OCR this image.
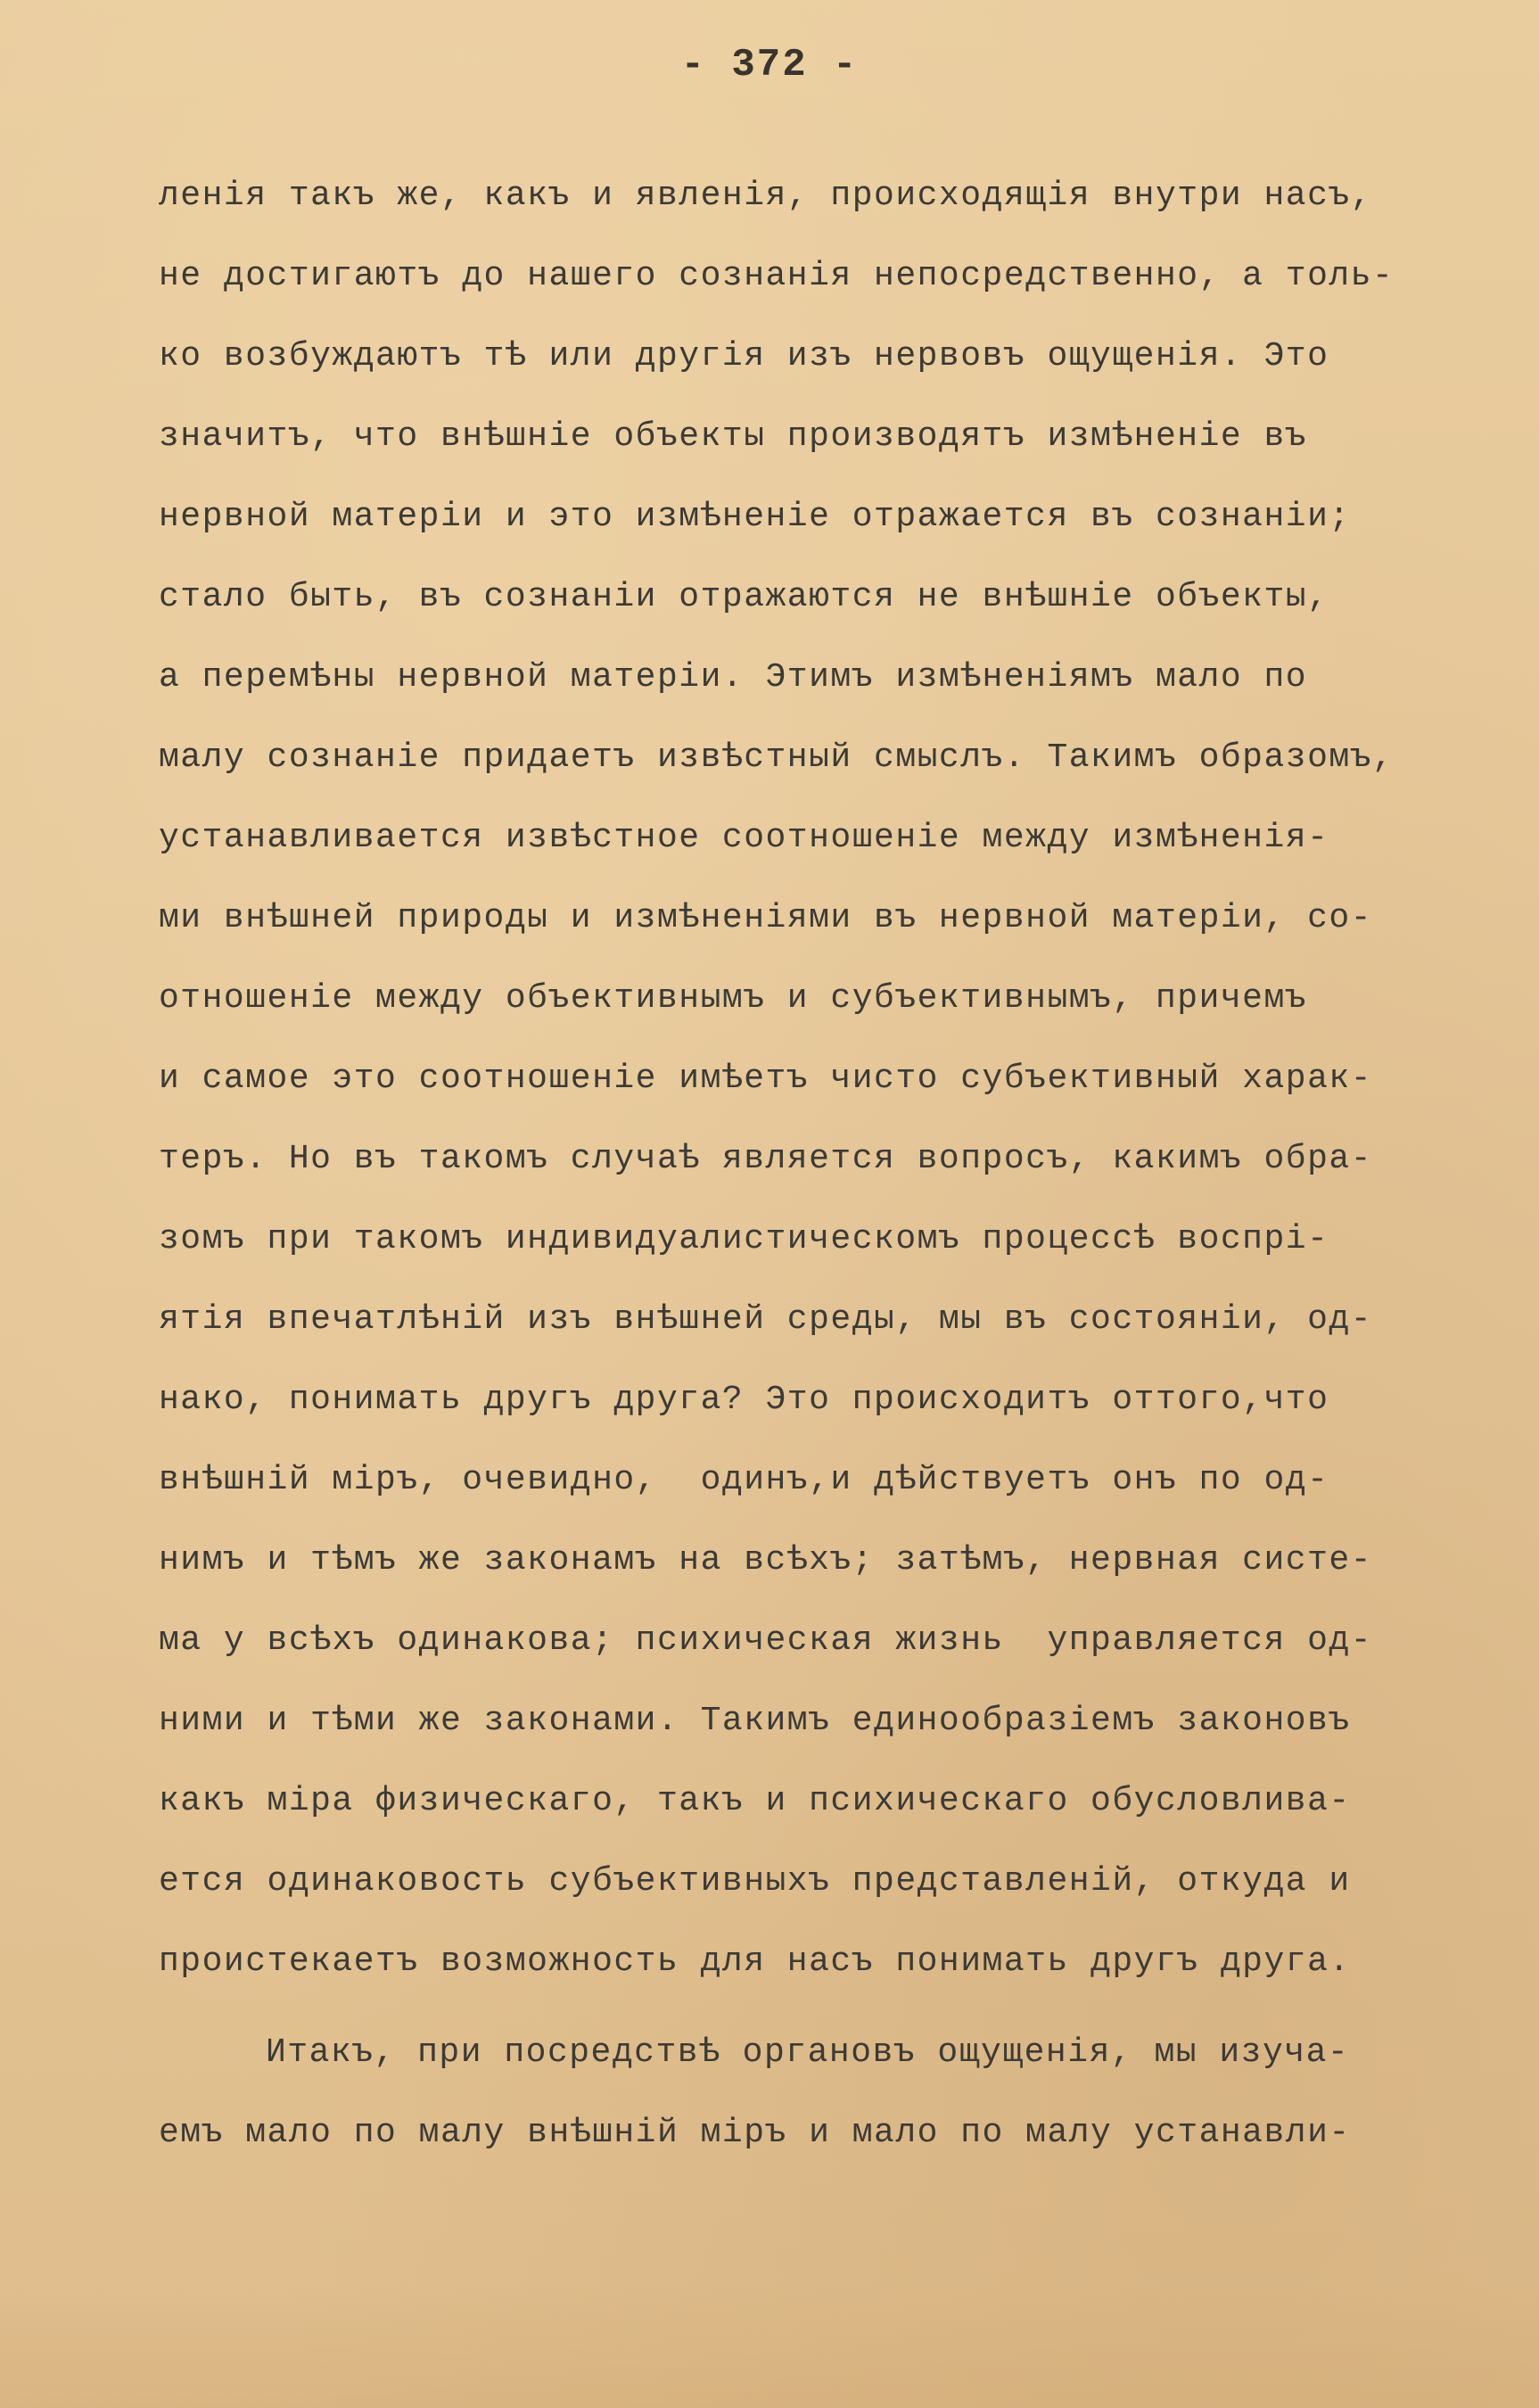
- 372 -
ленія такъ же, какъ и явленія, происходящія внутри насъ,
не достигаютъ до нашего сознанія непосредственно, а толь-
ко возбуждаютъ тѣ или другія изъ нервовъ ощущенія. Это
значитъ, что внѣшніе объекты производятъ измѣненіе въ
нервной матеріи и это измѣненіе отражается въ сознаніи;
стало быть, въ сознаніи отражаются не внѣшніе объекты,
а перемѣны нервной матеріи. Этимъ измѣненіямъ мало по
малу сознаніе придаетъ извѣстный смыслъ. Такимъ образомъ,
устанавливается извѣстное соотношеніе между измѣненія-
ми внѣшней природы и измѣненіями въ нервной матеріи, со-
отношеніе между объективнымъ и субъективнымъ, причемъ
и самое это соотношеніе имѣетъ чисто субъективный харак-
теръ. Но въ такомъ случаѣ является вопросъ, какимъ обра-
зомъ при такомъ индивидуалистическомъ процессѣ воспрі-
ятія впечатлѣній изъ внѣшней среды, мы въ состояніи, од-
нако, понимать другъ друга? Это происходитъ оттого,что
внѣшній міръ, очевидно,  одинъ,и дѣйствуетъ онъ по од-
нимъ и тѣмъ же законамъ на всѣхъ; затѣмъ, нервная систе-
ма у всѣхъ одинакова; психическая жизнь  управляется од-
ними и тѣми же законами. Такимъ единообразіемъ законовъ
какъ міра физическаго, такъ и психическаго обусловлива-
ется одинаковость субъективныхъ представленій, откуда и
проистекаетъ возможность для насъ понимать другъ друга.
Итакъ, при посредствѣ органовъ ощущенія, мы изуча-
емъ мало по малу внѣшній міръ и мало по малу устанавли-
